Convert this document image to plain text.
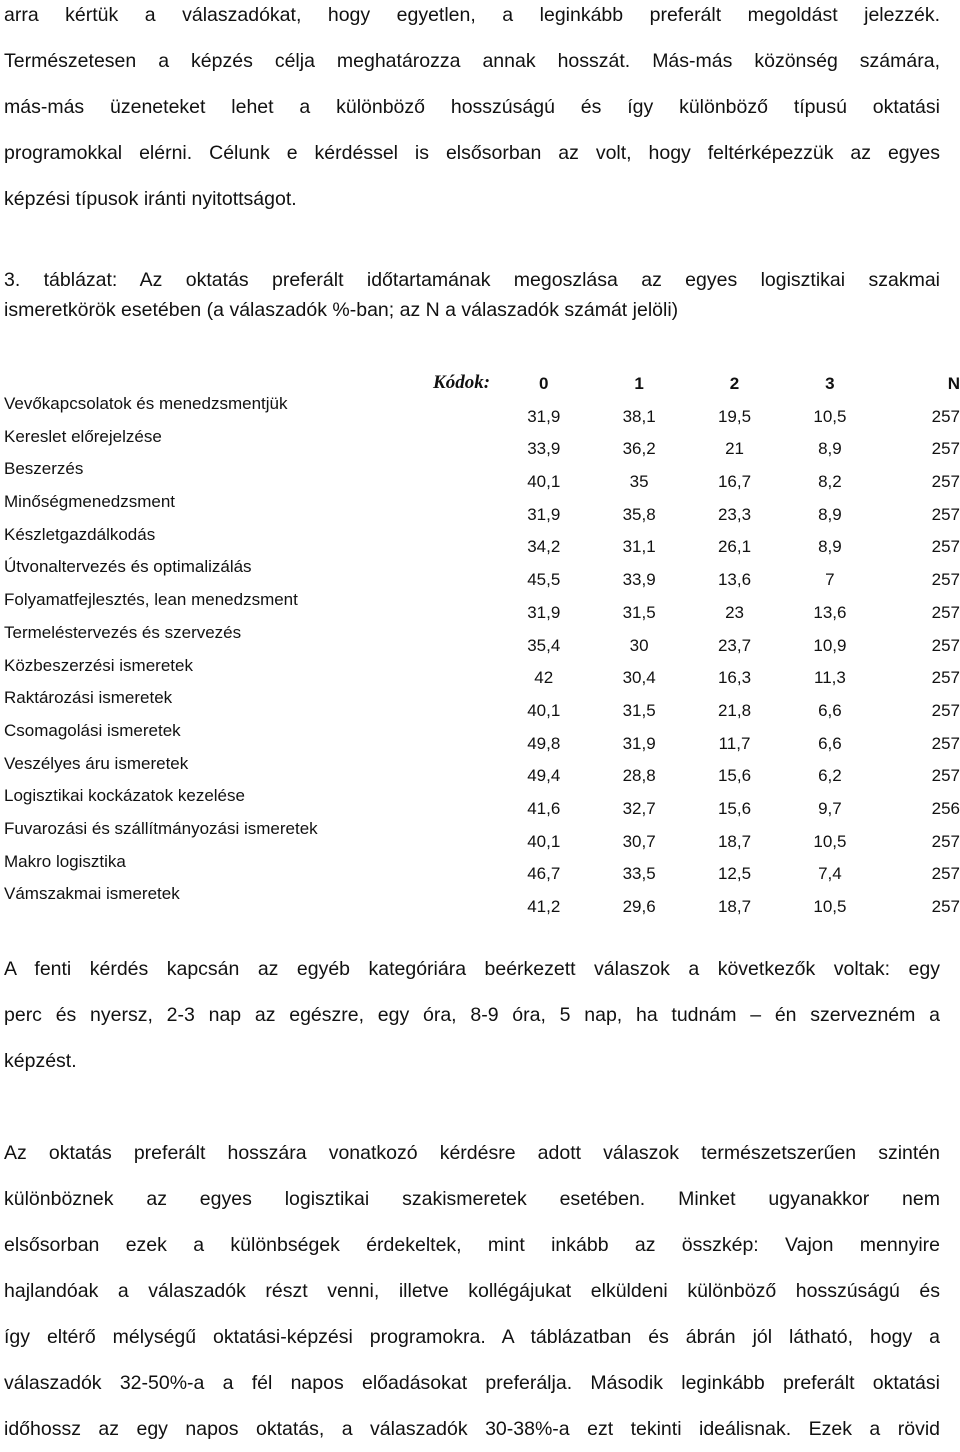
arra kértük a válaszadókat, hogy egyetlen, a leginkább preferált megoldást jelezzék.
Természetesen a képzés célja meghatározza annak hosszát. Más-más közönség számára,
más-más üzeneteket lehet a különböző hosszúságú és így különböző típusú oktatási
programokkal elérni. Célunk e kérdéssel is elsősorban az volt, hogy feltérképezzük az egyes
képzési típusok iránti nyitottságot.
3. táblázat: Az oktatás preferált időtartamának megoszlása az egyes logisztikai szakmai
ismeretkörök esetében (a válaszadók %-ban; az N a válaszadók számát jelöli)
Kódok:	0	1	2	3	N
Vevőkapcsolatok és menedzsmentjük	31,9	38,1	19,5	10,5	257
Kereslet előrejelzése	33,9	36,2	21	8,9	257
Beszerzés	40,1	35	16,7	8,2	257
Minőségmenedzsment	31,9	35,8	23,3	8,9	257
Készletgazdálkodás	34,2	31,1	26,1	8,9	257
Útvonaltervezés és optimalizálás	45,5	33,9	13,6	7	257
Folyamatfejlesztés, lean menedzsment	31,9	31,5	23	13,6	257
Termeléstervezés és szervezés	35,4	30	23,7	10,9	257
Közbeszerzési ismeretek	42	30,4	16,3	11,3	257
Raktározási ismeretek	40,1	31,5	21,8	6,6	257
Csomagolási ismeretek	49,8	31,9	11,7	6,6	257
Veszélyes áru ismeretek	49,4	28,8	15,6	6,2	257
Logisztikai kockázatok kezelése	41,6	32,7	15,6	9,7	256
Fuvarozási és szállítmányozási ismeretek	40,1	30,7	18,7	10,5	257
Makro logisztika	46,7	33,5	12,5	7,4	257
Vámszakmai ismeretek	41,2	29,6	18,7	10,5	257
A fenti kérdés kapcsán az egyéb kategóriára beérkezett válaszok a következők voltak: egy
perc és nyersz, 2-3 nap az egészre, egy óra, 8-9 óra, 5 nap, ha tudnám – én szervezném a
képzést.
Az oktatás preferált hosszára vonatkozó kérdésre adott válaszok természetszerűen szintén
különböznek az egyes logisztikai szakismeretek esetében. Minket ugyanakkor nem
elsősorban ezek a különbségek érdekeltek, mint inkább az összkép: Vajon mennyire
hajlandóak a válaszadók részt venni, illetve kollégájukat elküldeni különböző hosszúságú és
így eltérő mélységű oktatási-képzési programokra. A táblázatban és ábrán jól látható, hogy a
válaszadók 32-50%-a a fél napos előadásokat preferálja. Második leginkább preferált oktatási
időhossz az egy napos oktatás, a válaszadók 30-38%-a ezt tekinti ideálisnak. Ezek a rövid
